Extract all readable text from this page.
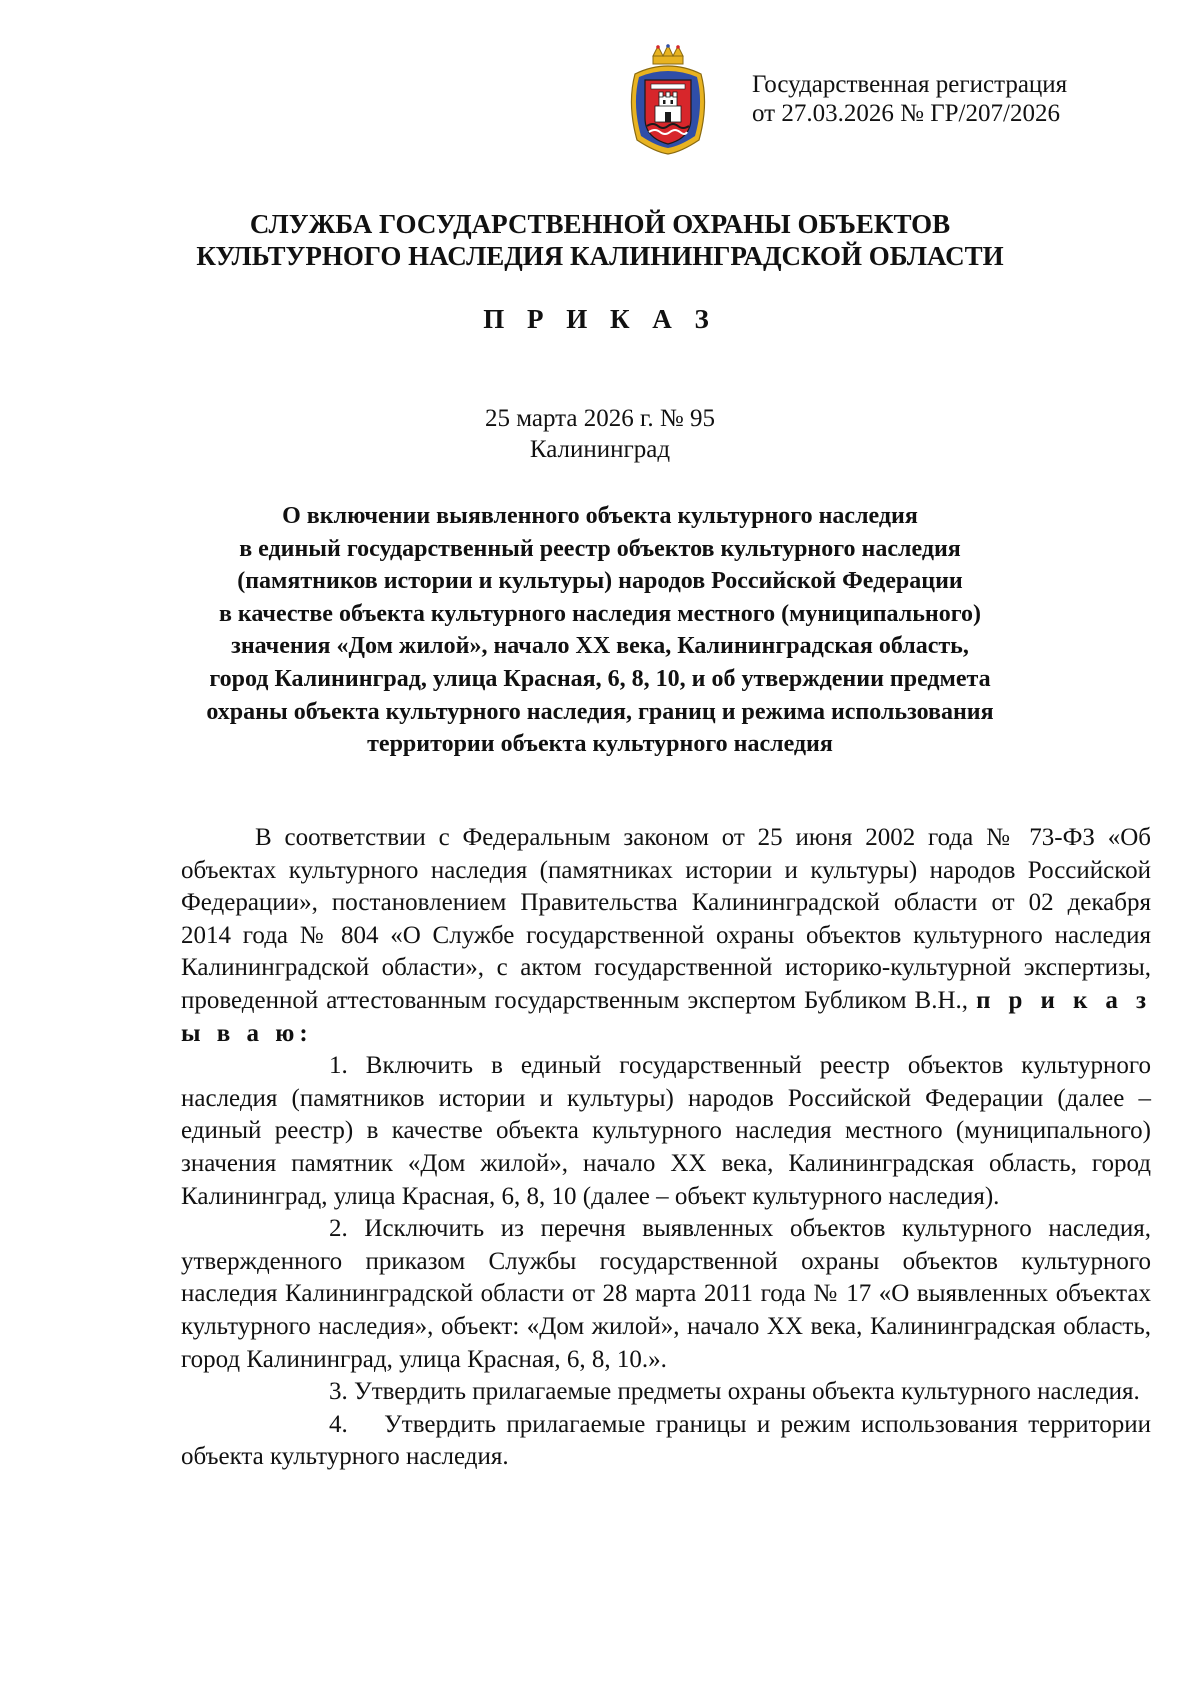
Государственная регистрация
от 27.03.2026 № ГР/207/2026
СЛУЖБА ГОСУДАРСТВЕННОЙ ОХРАНЫ ОБЪЕКТОВ
КУЛЬТУРНОГО НАСЛЕДИЯ КАЛИНИНГРАДСКОЙ ОБЛАСТИ
П Р И К А З
25 марта 2026 г. № 95
Калининград
О включении выявленного объекта культурного наследия
в единый государственный реестр объектов культурного наследия
(памятников истории и культуры) народов Российской Федерации
в качестве объекта культурного наследия местного (муниципального)
значения «Дом жилой», начало XX века, Калининградская область,
город Калининград, улица Красная, 6, 8, 10, и об утверждении предмета
охраны объекта культурного наследия, границ и режима использования
территории объекта культурного наследия

В соответствии с Федеральным законом от 25 июня 2002 года № 73-ФЗ «Об объектах культурного наследия (памятниках истории и культуры) народов Российской Федерации», постановлением Правительства Калининградской области от 02 декабря 2014 года № 804 «О Службе государственной охраны объектов культурного наследия Калининградской области», с актом государственной историко-культурной экспертизы, проведенной аттестованным государственным экспертом Бубликом В.Н., п р и к а з ы в а ю:

1. Включить в единый государственный реестр объектов культурного наследия (памятников истории и культуры) народов Российской Федерации (далее – единый реестр) в качестве объекта культурного наследия местного (муниципального) значения памятник «Дом жилой», начало XX века, Калининградская область, город Калининград, улица Красная, 6, 8, 10 (далее – объект культурного наследия).

2. Исключить из перечня выявленных объектов культурного наследия, утвержденного приказом Службы государственной охраны объектов культурного наследия Калининградской области от 28 марта 2011 года № 17 «О выявленных объектах культурного наследия», объект: «Дом жилой», начало XX века, Калининградская область, город Калининград, улица Красная, 6, 8, 10.».

3. Утвердить прилагаемые предметы охраны объекта культурного наследия.

4. Утвердить прилагаемые границы и режим использования территории объекта культурного наследия.
